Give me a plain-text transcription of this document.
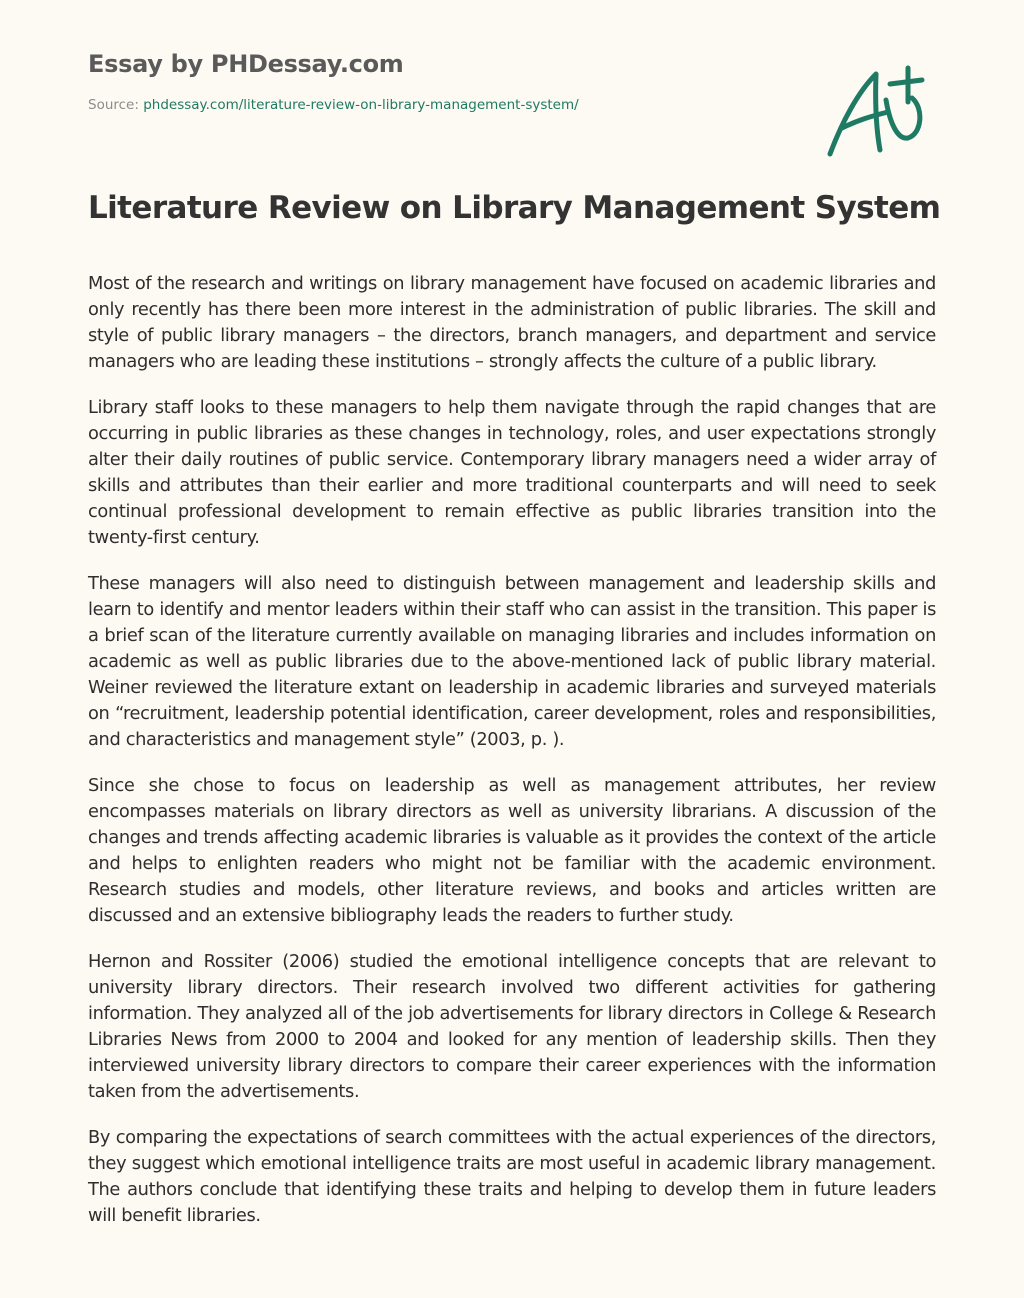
Essay by PHDessay.com
Source: phdessay.com/literature-review-on-library-management-system/
Literature Review on Library Management System

Most of the research and writings on library management have focused on academic libraries and only recently has there been more interest in the administration of public libraries. The skill and style of public library managers – the directors, branch managers, and department and service managers who are leading these institutions – strongly affects the culture of a public library.

Library staff looks to these managers to help them navigate through the rapid changes that are occurring in public libraries as these changes in technology, roles, and user expectations strongly alter their daily routines of public service. Contemporary library managers need a wider array of skills and attributes than their earlier and more traditional counterparts and will need to seek continual professional development to remain effective as public libraries transition into the twenty-first century.

These managers will also need to distinguish between management and leadership skills and learn to identify and mentor leaders within their staff who can assist in the transition. This paper is a brief scan of the literature currently available on managing libraries and includes information on academic as well as public libraries due to the above-mentioned lack of public library material. Weiner reviewed the literature extant on leadership in academic libraries and surveyed materials on “recruitment, leadership potential identification, career development, roles and responsibilities, and characteristics and management style” (2003, p. ).

Since she chose to focus on leadership as well as management attributes, her review encompasses materials on library directors as well as university librarians. A discussion of the changes and trends affecting academic libraries is valuable as it provides the context of the article and helps to enlighten readers who might not be familiar with the academic environment. Research studies and models, other literature reviews, and books and articles written are discussed and an extensive bibliography leads the readers to further study.

Hernon and Rossiter (2006) studied the emotional intelligence concepts that are relevant to university library directors. Their research involved two different activities for gathering information. They analyzed all of the job advertisements for library directors in College & Research Libraries News from 2000 to 2004 and looked for any mention of leadership skills. Then they interviewed university library directors to compare their career experiences with the information taken from the advertisements.

By comparing the expectations of search committees with the actual experiences of the directors, they suggest which emotional intelligence traits are most useful in academic library management. The authors conclude that identifying these traits and helping to develop them in future leaders will benefit libraries.
